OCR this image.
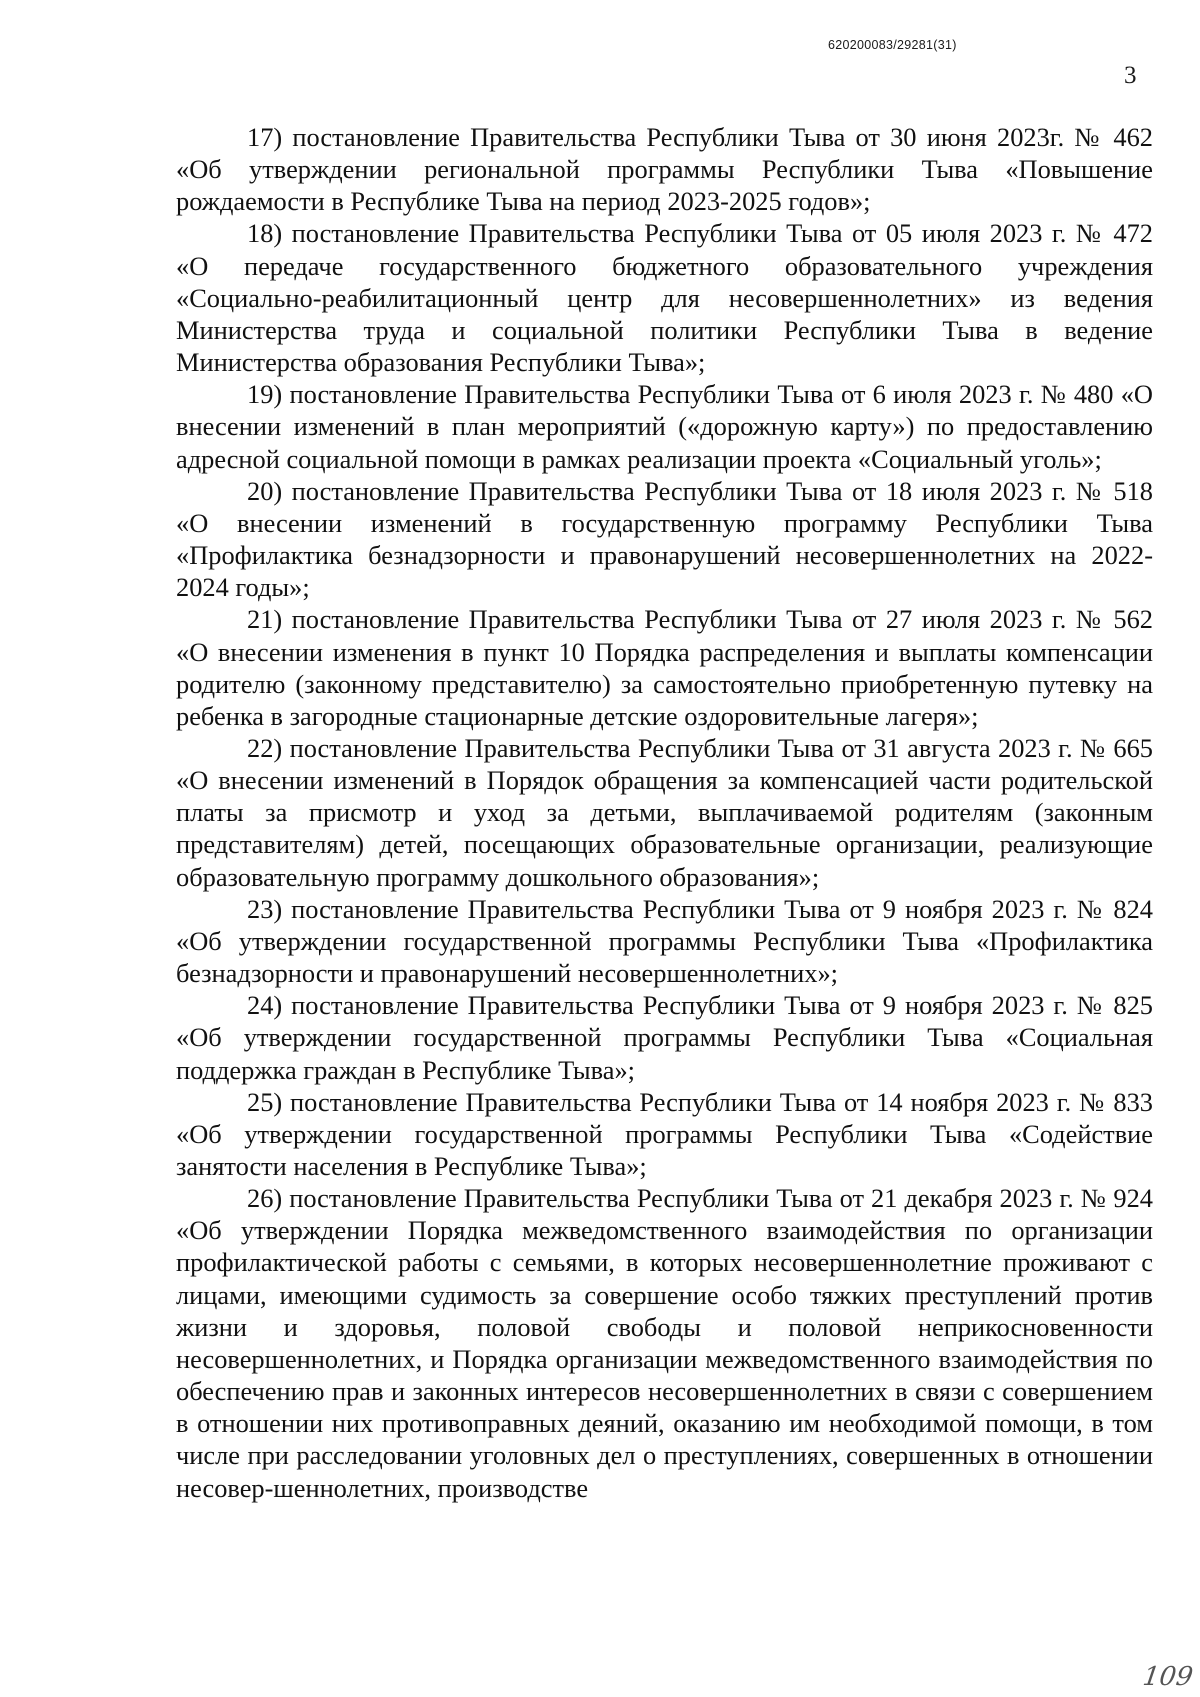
620200083/29281(31)
3

17) постановление Правительства Республики Тыва от 30 июня 2023г. № 462 «Об утверждении региональной программы Республики Тыва «Повышение рождаемости в Республике Тыва на период 2023-2025 годов»;

18) постановление Правительства Республики Тыва от 05 июля 2023 г. № 472 «О передаче государственного бюджетного образовательного учреждения «Социально-реабилитационный центр для несовершеннолетних» из ведения Министерства труда и социальной политики Республики Тыва в ведение Министерства образования Республики Тыва»;

19) постановление Правительства Республики Тыва от 6 июля 2023 г. № 480 «О внесении изменений в план мероприятий («дорожную карту») по предоставлению адресной социальной помощи в рамках реализации проекта «Социальный уголь»;

20) постановление Правительства Республики Тыва от 18 июля 2023 г. № 518 «О внесении изменений в государственную программу Республики Тыва «Профилактика безнадзорности и правонарушений несовершеннолетних на 2022-2024 годы»;

21) постановление Правительства Республики Тыва от 27 июля 2023 г. № 562 «О внесении изменения в пункт 10 Порядка распределения и выплаты компенсации родителю (законному представителю) за самостоятельно приобретенную путевку на ребенка в загородные стационарные детские оздоровительные лагеря»;

22) постановление Правительства Республики Тыва от 31 августа 2023 г. № 665 «О внесении изменений в Порядок обращения за компенсацией части родительской платы за присмотр и уход за детьми, выплачиваемой родителям (законным представителям) детей, посещающих образовательные организации, реализующие образовательную программу дошкольного образования»;

23) постановление Правительства Республики Тыва от 9 ноября 2023 г. № 824 «Об утверждении государственной программы Республики Тыва «Профилактика безнадзорности и правонарушений несовершеннолетних»;

24) постановление Правительства Республики Тыва от 9 ноября 2023 г. № 825 «Об утверждении государственной программы Республики Тыва «Социальная поддержка граждан в Республике Тыва»;

25) постановление Правительства Республики Тыва от 14 ноября 2023 г. № 833 «Об утверждении государственной программы Республики Тыва «Содействие занятости населения в Республике Тыва»;

26) постановление Правительства Республики Тыва от 21 декабря 2023 г. № 924 «Об утверждении Порядка межведомственного взаимодействия по организации профилактической работы с семьями, в которых несовершеннолетние проживают с лицами, имеющими судимость за совершение особо тяжких преступлений против жизни и здоровья, половой свободы и половой неприкосновенности несовершеннолетних, и Порядка организации межведомственного взаимодействия по обеспечению прав и законных интересов несовершеннолетних в связи с совершением в отношении них противоправных деяний, оказанию им необходимой помощи, в том числе при расследовании уголовных дел о преступлениях, совершенных в отношении несовер-шеннолетних, производстве

109
